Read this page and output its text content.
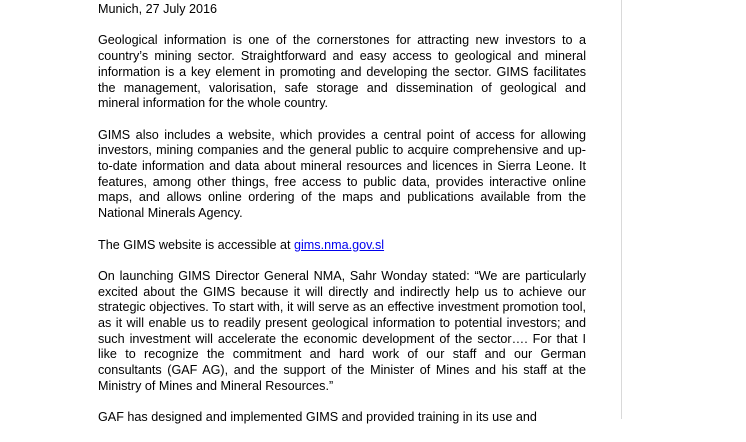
Munich, 27 July 2016

Geological information is one of the cornerstones for attracting new investors to a country’s mining sector. Straightforward and easy access to geological and mineral information is a key element in promoting and developing the sector. GIMS facilitates the management, valorisation, safe storage and dissemination of geological and mineral information for the whole country.

GIMS also includes a website, which provides a central point of access for allowing investors, mining companies and the general public to acquire comprehensive and up-to-date information and data about mineral resources and licences in Sierra Leone. It features, among other things, free access to public data, provides interactive online maps, and allows online ordering of the maps and publications available from the National Minerals Agency.

The GIMS website is accessible at gims.nma.gov.sl

On launching GIMS Director General NMA, Sahr Wonday stated: “We are particularly excited about the GIMS because it will directly and indirectly help us to achieve our strategic objectives. To start with, it will serve as an effective investment promotion tool, as it will enable us to readily present geological information to potential investors; and such investment will accelerate the economic development of the sector…. For that I like to recognize the commitment and hard work of our staff and our German consultants (GAF AG), and the support of the Minister of Mines and his staff at the Ministry of Mines and Mineral Resources.”

GAF has designed and implemented GIMS and provided training in its use and
